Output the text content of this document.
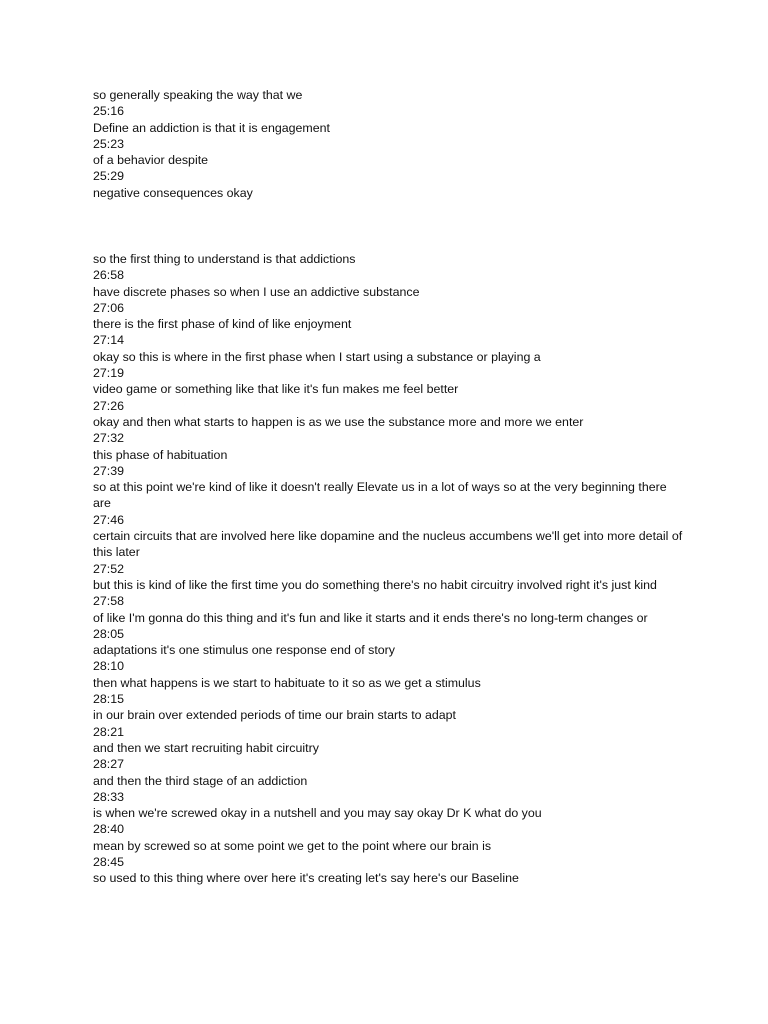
so generally speaking the way that we
25:16
Define an addiction is that it is engagement
25:23
of a behavior despite
25:29
negative consequences okay
so the first thing to understand is that addictions
26:58
have discrete phases so when I use an addictive substance
27:06
there is the first phase of kind of like enjoyment
27:14
okay so this is where in the first phase when I start using a substance or playing a
27:19
video game or something like that like it's fun makes me feel better
27:26
okay and then what starts to happen is as we use the substance more and more we enter
27:32
this phase of habituation
27:39
so at this point we're kind of like it doesn't really Elevate us in a lot of ways so at the very beginning there are
27:46
certain circuits that are involved here like dopamine and the nucleus accumbens we'll get into more detail of this later
27:52
but this is kind of like the first time you do something there's no habit circuitry involved right it's just kind
27:58
of like I'm gonna do this thing and it's fun and like it starts and it ends there's no long-term changes or
28:05
adaptations it's one stimulus one response end of story
28:10
then what happens is we start to habituate to it so as we get a stimulus
28:15
in our brain over extended periods of time our brain starts to adapt
28:21
and then we start recruiting habit circuitry
28:27
and then the third stage of an addiction
28:33
is when we're screwed okay in a nutshell and you may say okay Dr K what do you
28:40
mean by screwed so at some point we get to the point where our brain is
28:45
so used to this thing where over here it's creating let's say here's our Baseline
